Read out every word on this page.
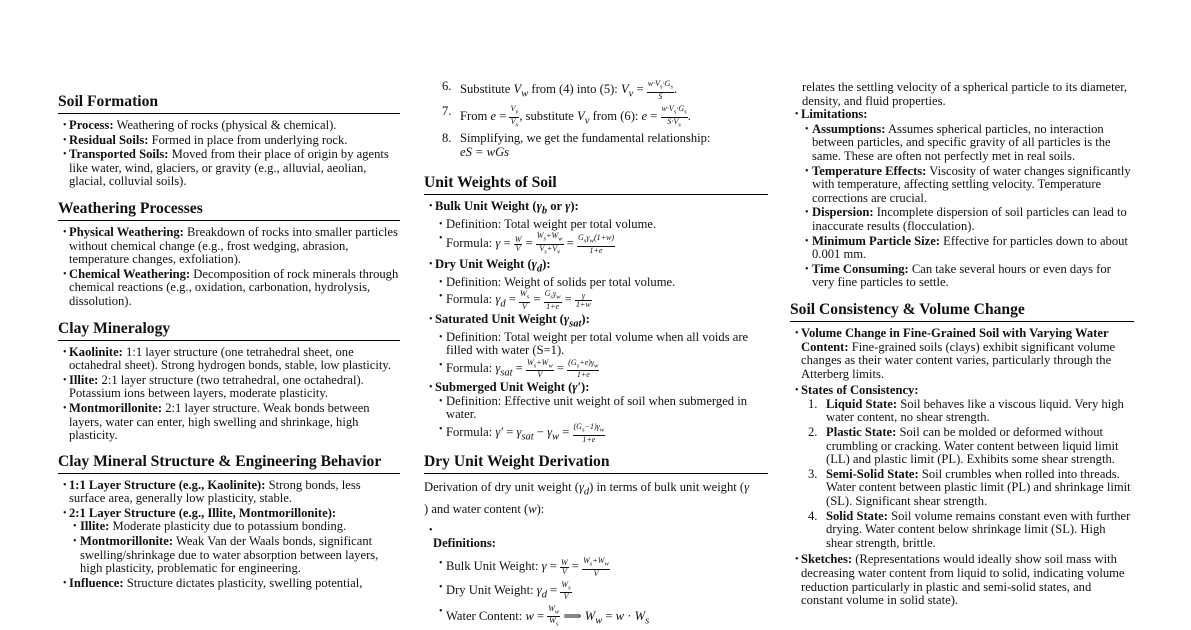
Soil Formation
• Process: Weathering of rocks (physical & chemical).
• Residual Soils: Formed in place from underlying rock.
• Transported Soils: Moved from their place of origin by agents like water, wind, glaciers, or gravity (e.g., alluvial, aeolian, glacial, colluvial soils).
Weathering Processes
• Physical Weathering: Breakdown of rocks into smaller particles without chemical change (e.g., frost wedging, abrasion, temperature changes, exfoliation).
• Chemical Weathering: Decomposition of rock minerals through chemical reactions (e.g., oxidation, carbonation, hydrolysis, dissolution).
Clay Mineralogy
• Kaolinite: 1:1 layer structure (one tetrahedral sheet, one octahedral sheet). Strong hydrogen bonds, stable, low plasticity.
• Illite: 2:1 layer structure (two tetrahedral, one octahedral). Potassium ions between layers, moderate plasticity.
• Montmorillonite: 2:1 layer structure. Weak bonds between layers, water can enter, high swelling and shrinkage, high plasticity.
Clay Mineral Structure & Engineering Behavior
• 1:1 Layer Structure (e.g., Kaolinite): Strong bonds, less surface area, generally low plasticity, stable.
• 2:1 Layer Structure (e.g., Illite, Montmorillonite):
• Illite: Moderate plasticity due to potassium bonding.
• Montmorillonite: Weak Van der Waals bonds, significant swelling/shrinkage due to water absorption between layers, high plasticity, problematic for engineering.
• Influence: Structure dictates plasticity, swelling potential,
6. Substitute $V_w$ from (4) into (5): $V_v = \frac{w\cdot V_s\cdot G_s}{S}$ .
7. From $e = \frac{V_v}{V_s}$ , substitute $V_v$ from (6): $e = \frac{w\cdot V_s\cdot G_s}{S\cdot V_s}$ .
8. Simplifying, we get the fundamental relationship:
eS = wGs
Unit Weights of Soil
• Bulk Unit Weight ($\gamma_b$ or γ):
• Definition: Total weight per total volume.
• Formula: $\gamma = \frac{W}{V} = \frac{W_s+W_w}{V_s+V_v} = G_s\gamma_w(1+w)$
1+e
• Dry Unit Weight $(\gamma_d)$:
• Definition: Weight of solids per total volume.
• Formula: $\gamma_d = \frac{W_s}{V} = G_s\gamma_w$
$1+e = \frac{\gamma}{1+w}$
• Saturated Unit Weight $(\gamma_{sat})$:
• Definition: Total weight per total volume when all voids are filled with water (S=1).
• Formula: $\gamma_{sat} = \frac{W_s+W_w}{V} = \frac{(G_s+e)\gamma_w}{1+e}$
• Submerged Unit Weight (γ′):
• Definition: Effective unit weight of soil when submerged in water.
• Formula: $\gamma' = \gamma_{sat} - \gamma_w = \frac{(G_s-1)\gamma_w}{1+e}$
Dry Unit Weight Derivation
Derivation of dry unit weight $(\gamma_d)$ in terms of bulk unit weight (γ
) and water content (w):

• Definitions:
• Bulk Unit Weight: $\gamma = \frac{W}{V} = \frac{W_s+W_w}{V}$
• Dry Unit Weight: $\gamma_d = \frac{W_s}{V}$
• Water Content: $w = \frac{W_w}{W_s}$ ⟹ $W_w = w \cdot W_s$
relates the settling velocity of a spherical particle to its diameter, density, and fluid properties.
• Limitations:
• Assumptions: Assumes spherical particles, no interaction between particles, and specific gravity of all particles is the same. These are often not perfectly met in real soils.
• Temperature Effects: Viscosity of water changes significantly with temperature, affecting settling velocity. Temperature corrections are crucial.
• Dispersion: Incomplete dispersion of soil particles can lead to inaccurate results (flocculation).
• Minimum Particle Size: Effective for particles down to about 0.001 mm.
• Time Consuming: Can take several hours or even days for very fine particles to settle.
Soil Consistency & Volume Change
• Volume Change in Fine-Grained Soil with Varying Water Content: Fine-grained soils (clays) exhibit significant volume changes as their water content varies, particularly through the Atterberg limits.
• States of Consistency:
1. Liquid State: Soil behaves like a viscous liquid. Very high water content, no shear strength.
2. Plastic State: Soil can be molded or deformed without crumbling or cracking. Water content between liquid limit (LL) and plastic limit (PL). Exhibits some shear strength.
3. Semi-Solid State: Soil crumbles when rolled into threads. Water content between plastic limit (PL) and shrinkage limit (SL). Significant shear strength.
4. Solid State: Soil volume remains constant even with further drying. Water content below shrinkage limit (SL). High shear strength, brittle.
• Sketches: (Representations would ideally show soil mass with decreasing water content from liquid to solid, indicating volume reduction particularly in plastic and semi-solid states, and constant volume in solid state).
